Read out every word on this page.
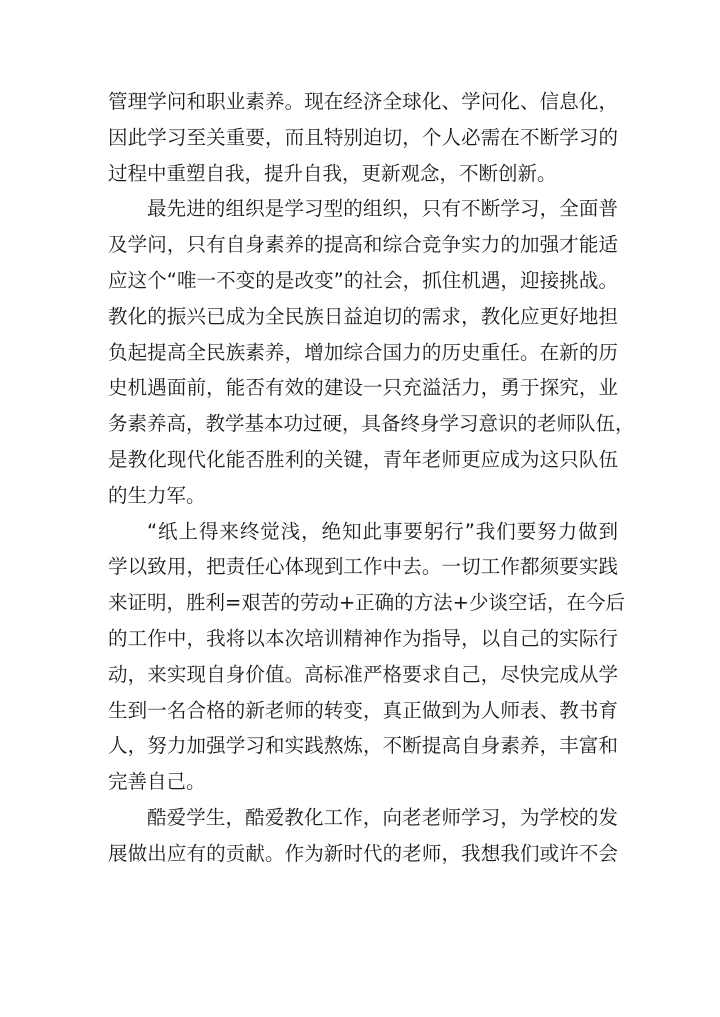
管理学问和职业素养。现在经济全球化、学问化、信息化，
因此学习至关重要，而且特别迫切，个人必需在不断学习的
过程中重塑自我，提升自我，更新观念，不断创新。
最先进的组织是学习型的组织，只有不断学习，全面普
及学问，只有自身素养的提高和综合竞争实力的加强才能适
应这个“唯一不变的是改变”的社会，抓住机遇，迎接挑战。
教化的振兴已成为全民族日益迫切的需求，教化应更好地担
负起提高全民族素养，增加综合国力的历史重任。在新的历
史机遇面前，能否有效的建设一只充溢活力，勇于探究，业
务素养高，教学基本功过硬，具备终身学习意识的老师队伍，
是教化现代化能否胜利的关键，青年老师更应成为这只队伍
的生力军。
“纸上得来终觉浅，绝知此事要躬行”我们要努力做到
学以致用，把责任心体现到工作中去。一切工作都须要实践
来证明，胜利=艰苦的劳动+正确的方法+少谈空话，在今后
的工作中，我将以本次培训精神作为指导，以自己的实际行
动，来实现自身价值。高标准严格要求自己，尽快完成从学
生到一名合格的新老师的转变，真正做到为人师表、教书育
人，努力加强学习和实践熬炼，不断提高自身素养，丰富和
完善自己。
酷爱学生，酷爱教化工作，向老老师学习，为学校的发
展做出应有的贡献。作为新时代的老师，我想我们或许不会
